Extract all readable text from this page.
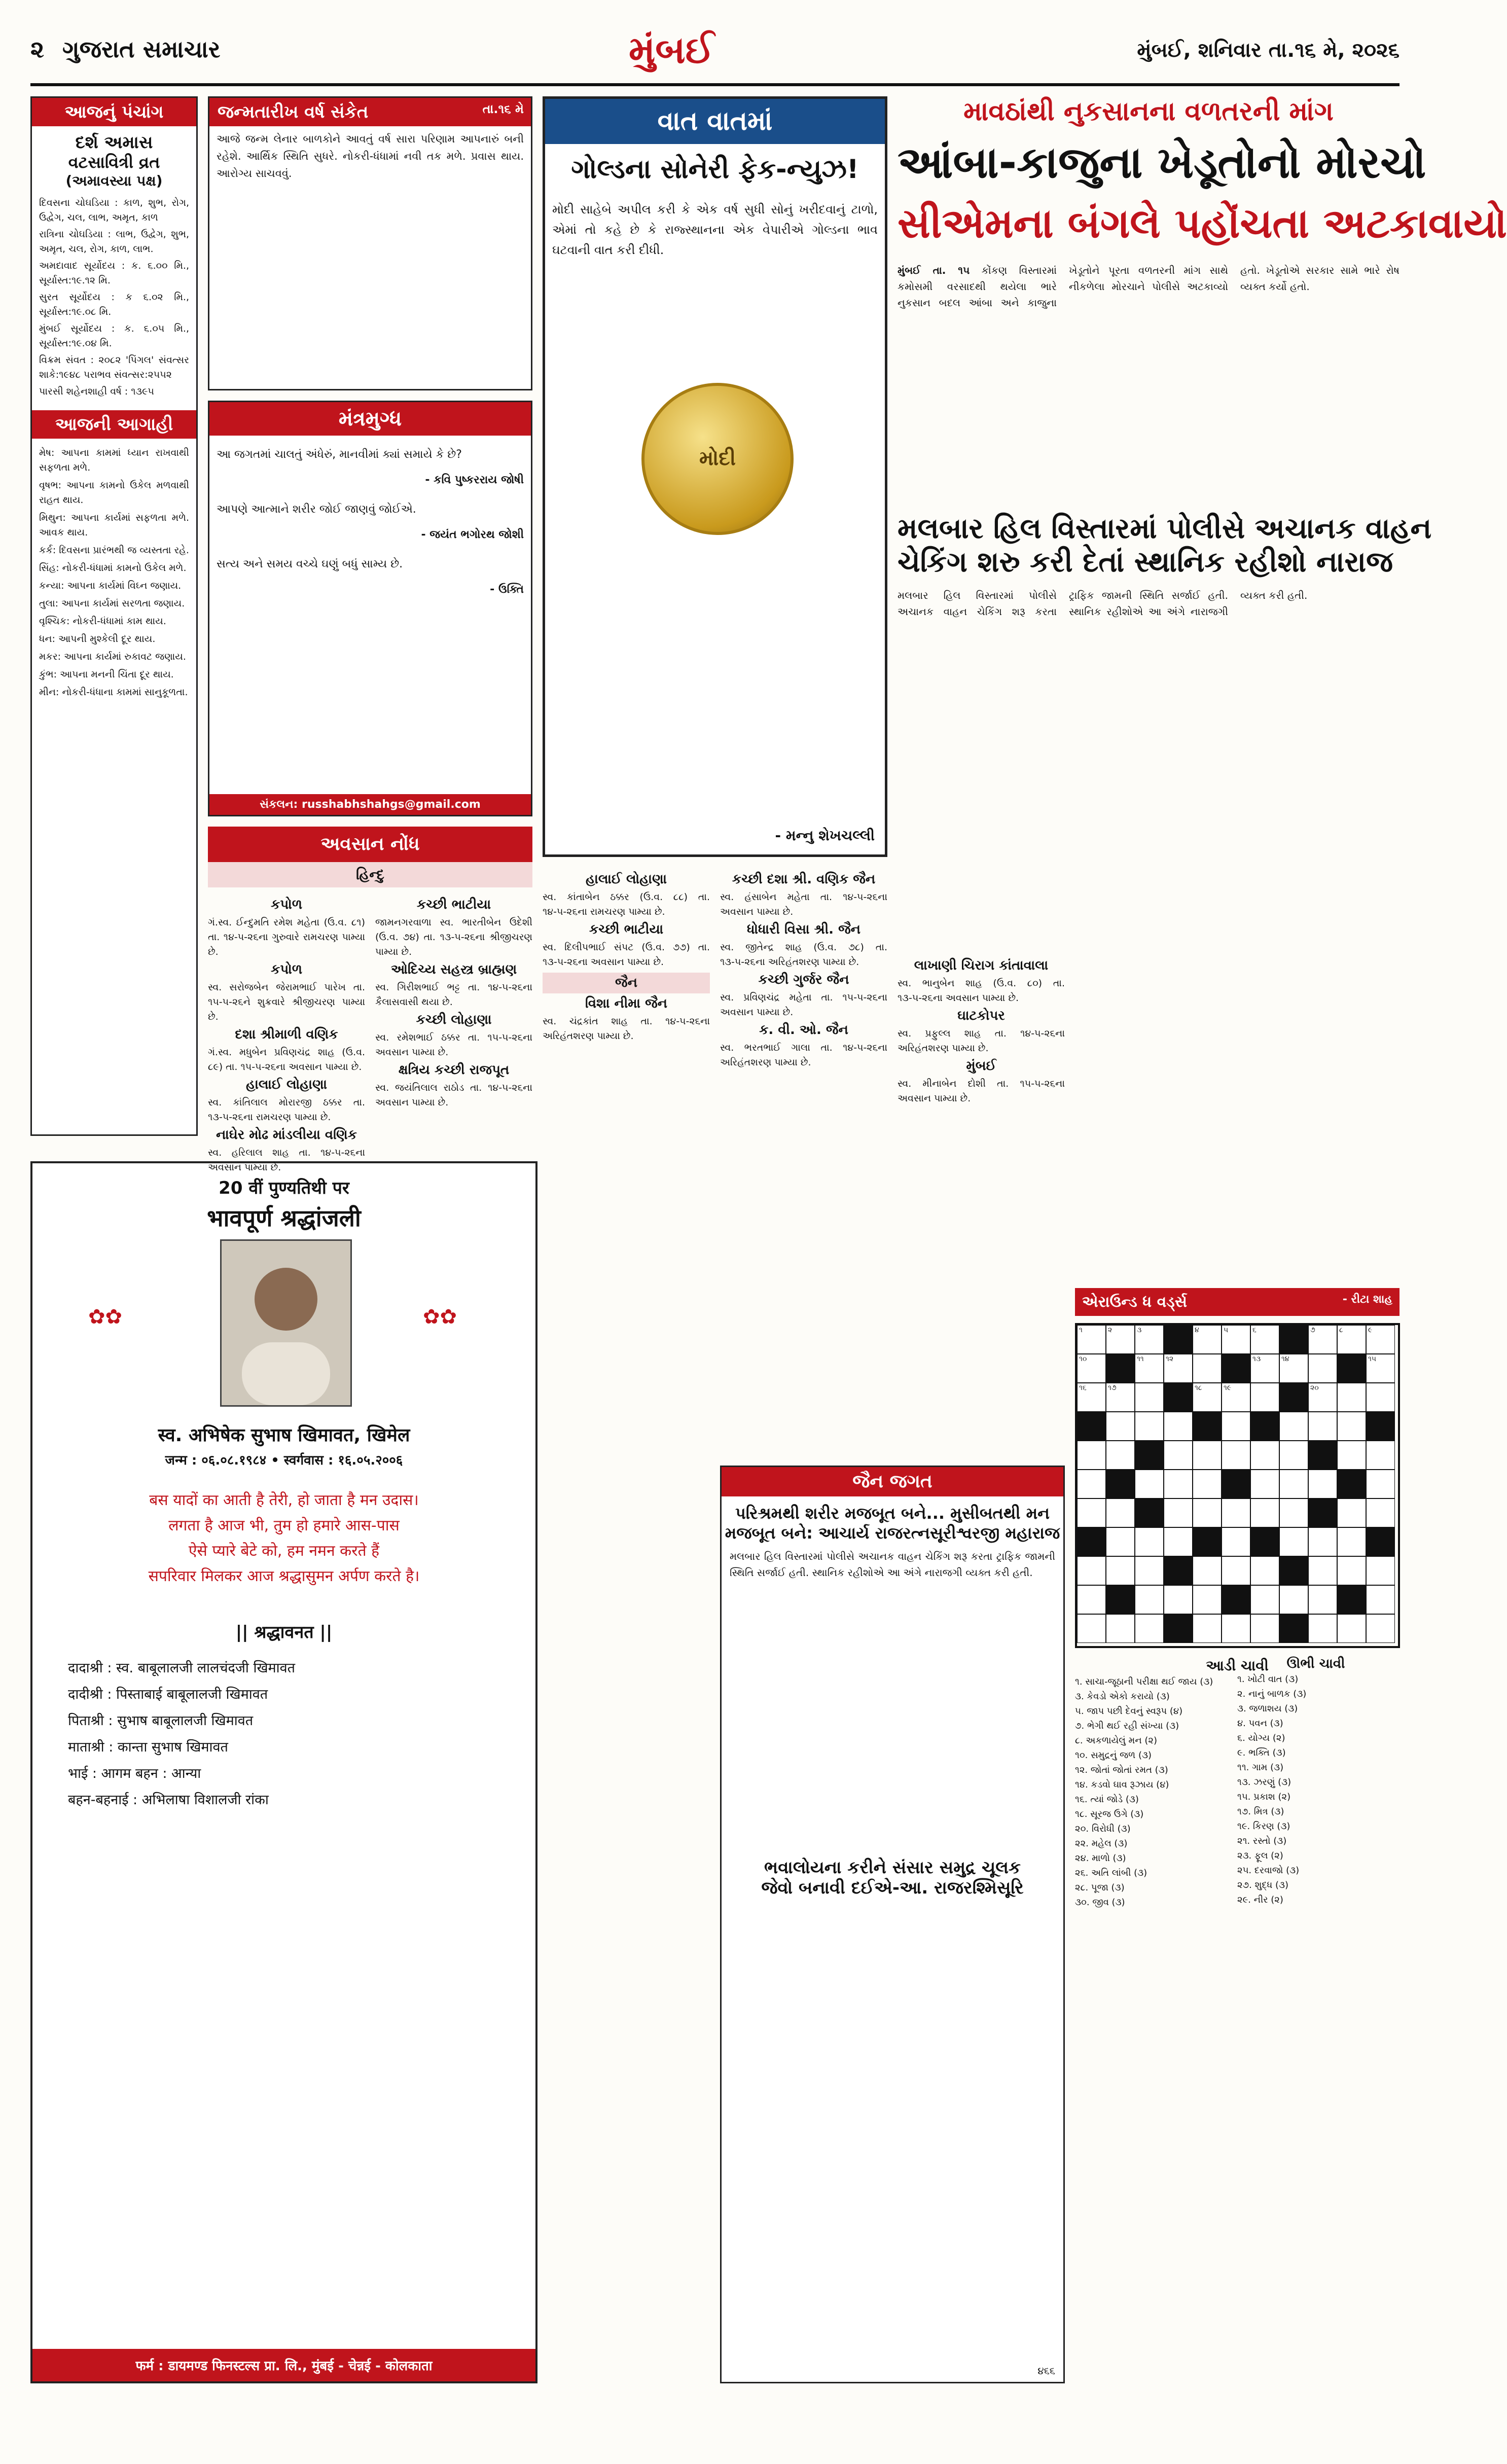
૨ ગુજરાત સમાચાર	મુંબઈ	મુંબઈ, શનિવાર તા.૧૬ મે, ૨૦૨૬
આજનું પંચાંગ
દર્શ અમાસ
વટસાવિત્રી વ્રત
(અમાવસ્યા પક્ષ)

દિવસના ચોઘડિયા : કાળ, શુભ, રોગ, ઉદ્વેગ, ચલ, લાભ, અમૃત, કાળ

રાત્રિના ચોઘડિયા : લાભ, ઉદ્વેગ, શુભ, અમૃત, ચલ, રોગ, કાળ, લાભ.

અમદાવાદ સૂર્યોદય : ક. ૬.૦૦ મિ., સૂર્યાસ્ત:૧૯.૧૨ મિ.

સુરત સૂર્યોદય : ક ૬.૦૨ મિ., સૂર્યાસ્ત:૧૯.૦૮ મિ.

મુંબઈ સૂર્યોદય : ક. ૬.૦૫ મિ., સૂર્યાસ્ત:૧૯.૦૪ મિ.

વિક્રમ સંવત : ૨૦૮૨ 'પિંગલ' સંવત્સર શાકે:૧૯૪૮ પરાભવ સંવત્સર:૨૫૫૨

પારસી શહેનશાહી વર્ષ : ૧૩૯૫

આજની આગાહી

મેષ: આપના કામમાં ધ્યાન રાખવાથી સફળતા મળે.

વૃષભ: આપના કામનો ઉકેલ મળવાથી રાહત થાય.

મિથુન: આપના કાર્યમાં સફળતા મળે. આવક થાય.

કર્ક: દિવસના પ્રારંભથી જ વ્યસ્તતા રહે.

સિંહ: નોકરી-ધંધામાં કામનો ઉકેલ મળે.

કન્યા: આપના કાર્યમાં વિઘ્ન જણાય.

તુલા: આપના કાર્યમાં સરળતા જણાય.

વૃશ્ચિક: નોકરી-ધંધામાં કામ થાય.

ધન: આપની મુશ્કેલી દૂર થાય.

મકર: આપના કાર્યમાં રુકાવટ જણાય.

કુંભ: આપના મનની ચિંતા દૂર થાય.

મીન: નોકરી-ધંધાના કામમાં સાનુકૂળતા.

20 वीं पुण्यतिथी पर
भावपूर्ण श्रद्धांजली
✿✿	✿✿
स्व. अभिषेक सुभाष खिमावत, खिमेल
जन्म : ०६.०८.१९८४ • स्वर्गवास : १६.०५.२००६
बस यादों का आती है तेरी, हो जाता है मन उदास।
लगता है आज भी, तुम हो हमारे आस-पास
ऐसे प्यारे बेटे को, हम नमन करते हैं
सपरिवार मिलकर आज श्रद्धासुमन अर्पण करते है।
|| श्रद्धावनत ||
दादाश्री : स्व. बाबूलालजी लालचंदजी खिमावत
दादीश्री : पिस्ताबाई बाबूलालजी खिमावत
पिताश्री : सुभाष बाबूलालजी खिमावत
माताश्री : कान्ता सुभाष खिमावत
भाई : आगम बहन : आन्या
बहन-बहनाई : अभिलाषा विशालजी रांका
फर्म : डायमण्ड फिनस्टल्स प्रा. लि., मुंबई - चेन्नई - कोलकाता
જન્મતારીખ વર્ષ સંકેત	તા.૧૬ મે
આજે જન્મ લેનાર બાળકોને આવતું વર્ષ સારા પરિણામ આપનારું બની રહેશે. આર્થિક સ્થિતિ સુધરે. નોકરી-ધંધામાં નવી તક મળે. પ્રવાસ થાય. આરોગ્ય સાચવવું.
મંત્રમુગ્ધ

આ જગતમાં ચાલતું અંધેરું, માનવીમાં ક્યાં સમાયે કે છે?

- કવિ પુષ્કરરાય જોષી

આપણે આત્માને શરીર જોઈ જાણવું જોઈએ.

- જયંત ભગોરથ જોશી

સત્ય અને સમય વચ્ચે ઘણું બધું સામ્ય છે.

- ઉક્તિ

સંકલન: russhabhshahgs@gmail.com
અવસાન નોંધ
હિન્દુ

કપોળ

ગં.સ્વ. ઈન્દુમતિ રમેશ મહેતા (ઉ.વ. ૮૧) તા. ૧૪-૫-૨૬ના ગુરુવારે રામચરણ પામ્યા છે.

કપોળ

સ્વ. સરોજબેન જેરામભાઈ પારેખ તા. ૧૫-૫-૨૬ને શુક્રવારે શ્રીજીચરણ પામ્યા છે.

દશા શ્રીમાળી વણિક

ગં.સ્વ. મધુબેન પ્રવિણચંદ્ર શાહ (ઉ.વ. ૮૯) તા. ૧૫-૫-૨૬ના અવસાન પામ્યા છે.

હાલાઈ લોહાણા

સ્વ. કાંતિલાલ મોરારજી ઠક્કર તા. ૧૩-૫-૨૬ના રામચરણ પામ્યા છે.

નાઘેર મોઢ માંડલીયા વણિક

સ્વ. હરિલાલ શાહ તા. ૧૪-૫-૨૬ના અવસાન પામ્યા છે.

કચ્છી ભાટીયા

જામનગરવાળા સ્વ. ભારતીબેન ઉદેશી (ઉ.વ. ૭૪) તા. ૧૩-૫-૨૬ના શ્રીજીચરણ પામ્યા છે.

ઓદિચ્ય સહસ્ત્ર બ્રાહ્મણ

સ્વ. ગિરીશભાઈ ભટ્ટ તા. ૧૪-૫-૨૬ના કૈલાસવાસી થયા છે.

કચ્છી લોહાણા

સ્વ. રમેશભાઈ ઠક્કર તા. ૧૫-૫-૨૬ના અવસાન પામ્યા છે.

ક્ષત્રિય કચ્છી રાજપૂત

સ્વ. જયંતિલાલ રાઠોડ તા. ૧૪-૫-૨૬ના અવસાન પામ્યા છે.

વાત વાતમાં
ગોલ્ડના સોનેરી ફેક-ન્યુઝ!
મોદી સાહેબે અપીલ કરી કે એક વર્ષ સુધી સોનું ખરીદવાનું ટાળો, એમાં તો કહે છે કે રાજ્સ્થાનના એક વેપારીએ ગોલ્ડના ભાવ ઘટવાની વાત કરી દીધી.
મોદી
- મન્નુ શેખચલ્લી

હાલાઈ લોહાણા

સ્વ. કાંતાબેન ઠક્કર (ઉ.વ. ૮૮) તા. ૧૪-૫-૨૬ના રામચરણ પામ્યા છે.

કચ્છી ભાટીયા

સ્વ. દિલીપભાઈ સંપટ (ઉ.વ. ૭૭) તા. ૧૩-૫-૨૬ના અવસાન પામ્યા છે.

જૈન

વિશા નીમા જૈન

સ્વ. ચંદ્રકાંત શાહ તા. ૧૪-૫-૨૬ના અરિહંતશરણ પામ્યા છે.

કચ્છી દશા શ્રી. વણિક જૈન

સ્વ. હંસાબેન મહેતા તા. ૧૪-૫-૨૬ના અવસાન પામ્યા છે.

ધોધારી વિસા શ્રી. જૈન

સ્વ. જીતેન્દ્ર શાહ (ઉ.વ. ૭૮) તા. ૧૩-૫-૨૬ના અરિહંતશરણ પામ્યા છે.

કચ્છી ગુર્જર જૈન

સ્વ. પ્રવિણચંદ્ર મહેતા તા. ૧૫-૫-૨૬ના અવસાન પામ્યા છે.

ક. વી. ઓ. જૈન

સ્વ. ભરતભાઈ ગાલા તા. ૧૪-૫-૨૬ના અરિહંતશરણ પામ્યા છે.

માવઠાંથી નુકસાનના વળતરની માંગ
આંબા-કાજુના ખેડૂતોનો મોરચો
સીએમના બંગલે પહોંચતા અટકાવાયો
મુંબઈ તા. ૧૫ કોંકણ વિસ્તારમાં કમોસમી વરસાદથી થયેલા ભારે નુકસાન બદલ આંબા અને કાજુના ખેડૂતોને પૂરતા વળતરની માંગ સાથે નીકળેલા મોરચાને પોલીસે અટકાવ્યો હતો. ખેડૂતોએ સરકાર સામે ભારે રોષ વ્યક્ત કર્યો હતો.
મલબાર હિલ વિસ્તારમાં પોલીસે અચાનક વાહન
ચેકિંગ શરુ કરી દેતાં સ્થાનિક રહીશો નારાજ
મલબાર હિલ વિસ્તારમાં પોલીસે અચાનક વાહન ચેકિંગ શરૂ કરતા ટ્રાફિક જામની સ્થિતિ સર્જાઈ હતી. સ્થાનિક રહીશોએ આ અંગે નારાજગી વ્યક્ત કરી હતી.

લાખાણી ચિરાગ કાંતાવાલા

સ્વ. ભાનુબેન શાહ (ઉ.વ. ૮૦) તા. ૧૩-૫-૨૬ના અવસાન પામ્યા છે.

ઘાટકોપર

સ્વ. પ્રફુલ્લ શાહ તા. ૧૪-૫-૨૬ના અરિહંતશરણ પામ્યા છે.

મુંબઈ

સ્વ. મીનાબેન દોશી તા. ૧૫-૫-૨૬ના અવસાન પામ્યા છે.

એરાઉન્ડ ધ વર્ડ્સ	- રીટા શાહ
૧	૨	૩	૪	૫	૬	૭	૮	૯
૧૦	૧૧	૧૨	૧૩	૧૪	૧૫
૧૬	૧૭	૧૮	૧૯	૨૦
આડી ચાવી
૧. સાચા-જૂઠાની પરીક્ષા થઈ જાય (૩)
૩. કેવડો એકો કરાયો (૩)
૫. જાપ પછી દેવનું સ્વરૂપ (૪)
૭. ભેગી થઈ રહી સંખ્યા (૩)
૮. અકળાયેલું મન (૨)
૧૦. સમુદ્રનું જળ (૩)
૧૨. જોતાં જોતાં રમત (૩)
૧૪. કડવો ઘાવ રૂઝાય (૪)
૧૬. ત્યાં જોડે (૩)
૧૮. સૂરજ ઉગે (૩)
૨૦. વિરોધી (૩)
૨૨. મહેલ (૩)
૨૪. માળો (૩)
૨૬. અતિ લાંબી (૩)
૨૮. પૂજા (૩)
૩૦. જીવ (૩)
ઊભી ચાવી
૧. ખોટી વાત (૩)
૨. નાનું બાળક (૩)
૩. જળાશય (૩)
૪. પવન (૩)
૬. યોગ્ય (૨)
૯. ભક્તિ (૩)
૧૧. ગામ (૩)
૧૩. ઝરણું (૩)
૧૫. પ્રકાશ (૨)
૧૭. મિત્ર (૩)
૧૯. કિરણ (૩)
૨૧. રસ્તો (૩)
૨૩. ફૂલ (૨)
૨૫. દરવાજો (૩)
૨૭. શુદ્ધ (૩)
૨૯. નીર (૨)
જૈન જગત
પરિશ્રમથી શરીર મજબૂત બને... મુસીબતથી મન
મજબૂત બને: આચાર્ય રાજરત્નસૂરીશ્વરજી મહારાજ

મલબાર હિલ વિસ્તારમાં પોલીસે અચાનક વાહન ચેકિંગ શરૂ કરતા ટ્રાફિક જામની સ્થિતિ સર્જાઈ હતી. સ્થાનિક રહીશોએ આ અંગે નારાજગી વ્યક્ત કરી હતી.

ભવાલોયના કરીને સંસાર સમુદ્ર ચૂલક
જેવો બનાવી દઈએ-આ. રાજરશ્મિસૂરિ
૪૬૬
